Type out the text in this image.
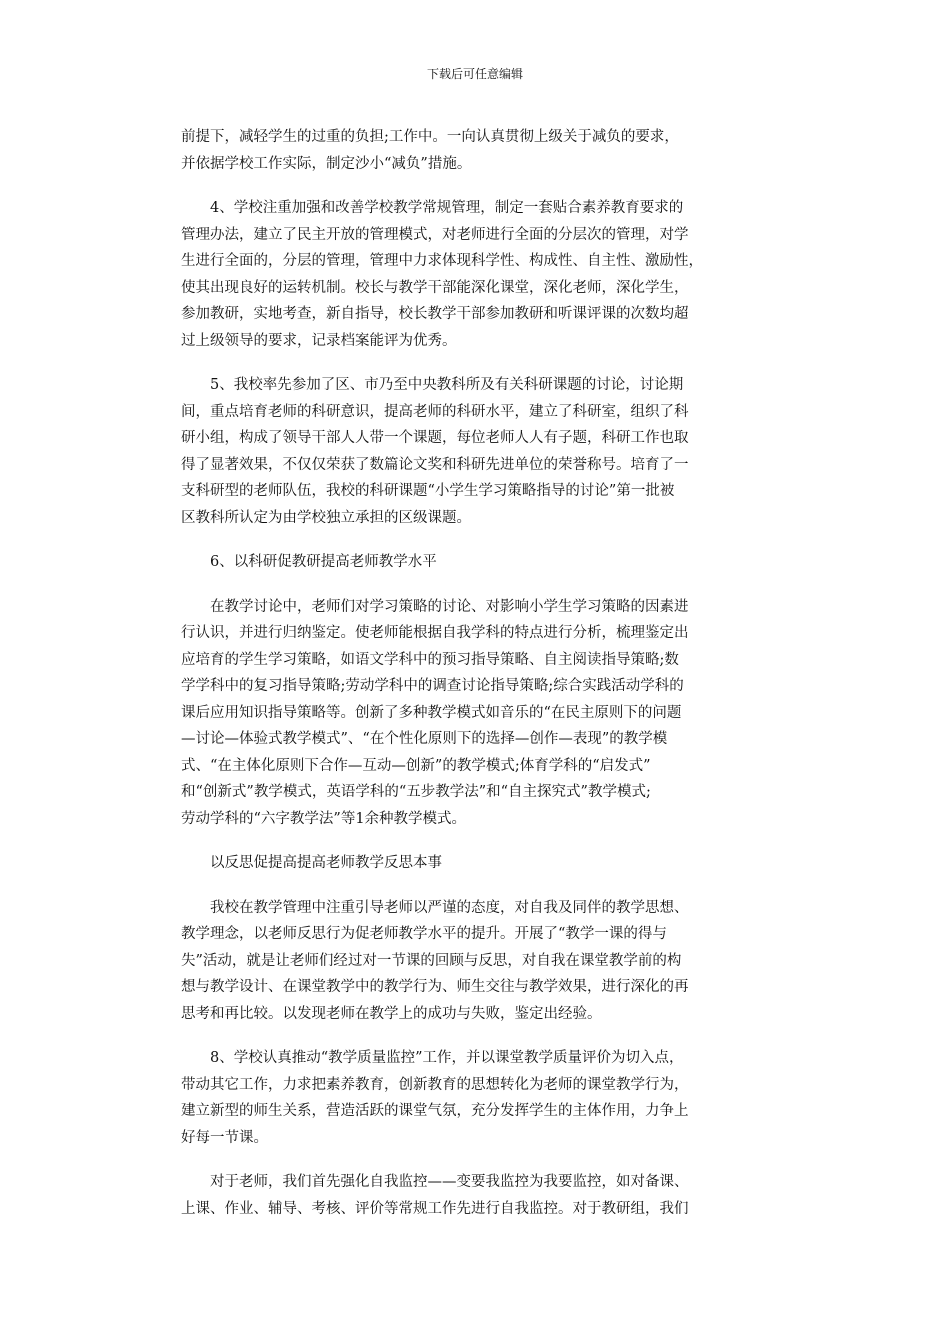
下载后可任意编辑
前提下，减轻学生的过重的负担;工作中。一向认真贯彻上级关于减负的要求，
并依据学校工作实际，制定沙小“减负”措施。
4、学校注重加强和改善学校教学常规管理，制定一套贴合素养教育要求的
管理办法，建立了民主开放的管理模式，对老师进行全面的分层次的管理，对学
生进行全面的，分层的管理，管理中力求体现科学性、构成性、自主性、激励性，
使其出现良好的运转机制。校长与教学干部能深化课堂，深化老师，深化学生，
参加教研，实地考查，新自指导，校长教学干部参加教研和听课评课的次数均超
过上级领导的要求，记录档案能评为优秀。
5、我校率先参加了区、市乃至中央教科所及有关科研课题的讨论，讨论期
间，重点培育老师的科研意识，提高老师的科研水平，建立了科研室，组织了科
研小组，构成了领导干部人人带一个课题，每位老师人人有子题，科研工作也取
得了显著效果，不仅仅荣获了数篇论文奖和科研先进单位的荣誉称号。培育了一
支科研型的老师队伍，我校的科研课题“小学生学习策略指导的讨论”第一批被
区教科所认定为由学校独立承担的区级课题。
6、以科研促教研提高老师教学水平
在教学讨论中，老师们对学习策略的讨论、对影响小学生学习策略的因素进
行认识，并进行归纳鉴定。使老师能根据自我学科的特点进行分析，梳理鉴定出
应培育的学生学习策略，如语文学科中的预习指导策略、自主阅读指导策略;数
学学科中的复习指导策略;劳动学科中的调查讨论指导策略;综合实践活动学科的
课后应用知识指导策略等。创新了多种教学模式如音乐的“在民主原则下的问题
—讨论—体验式教学模式”、“在个性化原则下的选择—创作—表现”的教学模
式、“在主体化原则下合作—互动—创新”的教学模式;体育学科的“启发式”
和“创新式”教学模式，英语学科的“五步教学法”和“自主探究式”教学模式;
劳动学科的“六字教学法”等1余种教学模式。
以反思促提高提高老师教学反思本事
我校在教学管理中注重引导老师以严谨的态度，对自我及同伴的教学思想、
教学理念，以老师反思行为促老师教学水平的提升。开展了“教学一课的得与
失”活动，就是让老师们经过对一节课的回顾与反思，对自我在课堂教学前的构
想与教学设计、在课堂教学中的教学行为、师生交往与教学效果，进行深化的再
思考和再比较。以发现老师在教学上的成功与失败，鉴定出经验。
8、学校认真推动“教学质量监控”工作，并以课堂教学质量评价为切入点，
带动其它工作，力求把素养教育，创新教育的思想转化为老师的课堂教学行为，
建立新型的师生关系，营造活跃的课堂气氛，充分发挥学生的主体作用，力争上
好每一节课。
对于老师，我们首先强化自我监控——变要我监控为我要监控，如对备课、
上课、作业、辅导、考核、评价等常规工作先进行自我监控。对于教研组，我们
